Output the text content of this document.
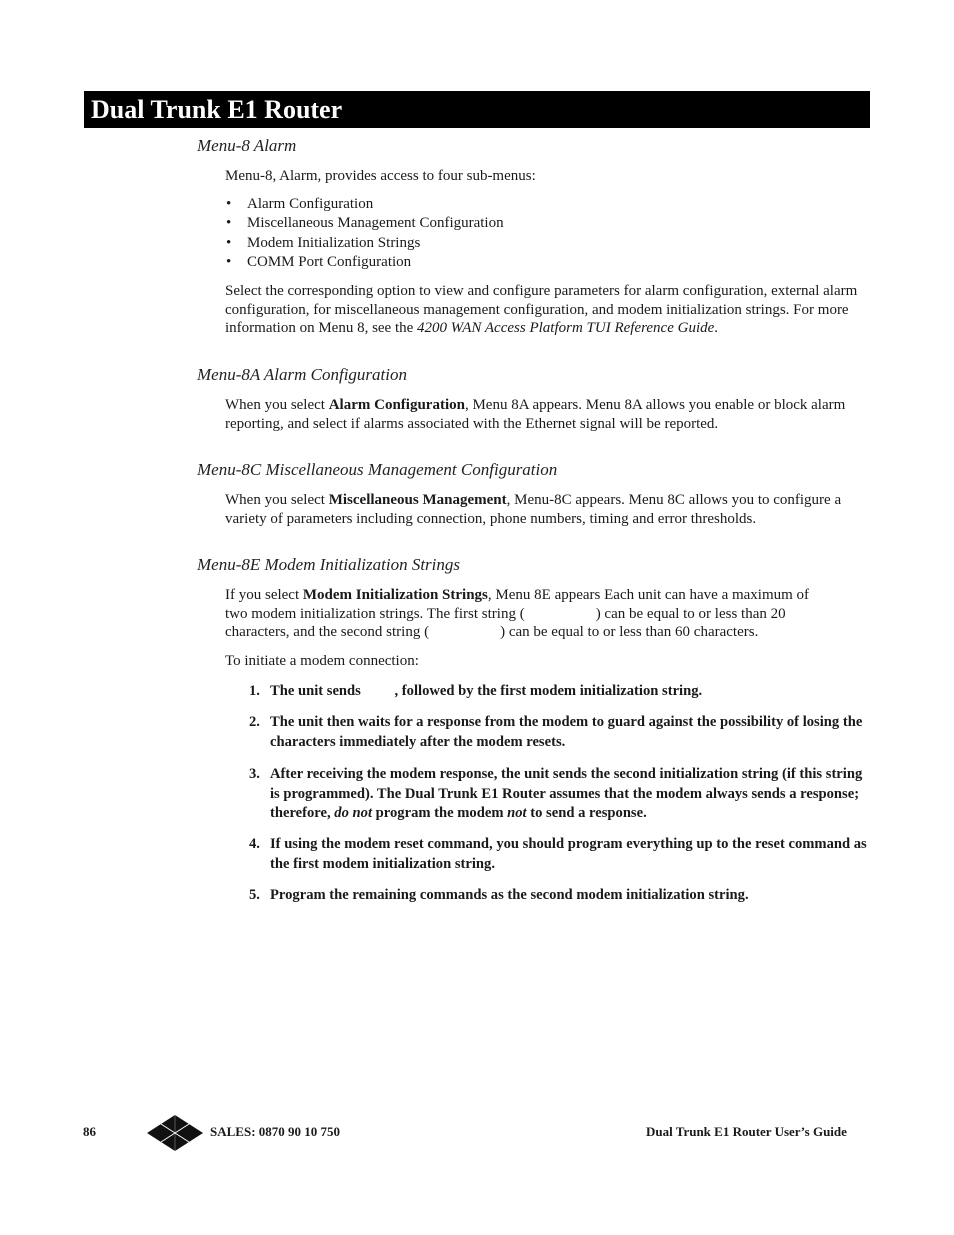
Dual Trunk E1 Router
Menu-8 Alarm
Menu-8, Alarm, provides access to four sub-menus:
• Alarm Configuration
• Miscellaneous Management Configuration
• Modem Initialization Strings
• COMM Port Configuration
Select the corresponding option to view and configure parameters for alarm configuration, external alarm configuration, for miscellaneous management configuration, and modem initialization strings. For more information on Menu 8, see the 4200 WAN Access Platform TUI Reference Guide.
Menu-8A Alarm Configuration
When you select Alarm Configuration, Menu 8A appears. Menu 8A allows you enable or block alarm reporting, and select if alarms associated with the Ethernet signal will be reported.
Menu-8C Miscellaneous Management Configuration
When you select Miscellaneous Management, Menu-8C appears. Menu 8C allows you to configure a variety of parameters including connection, phone numbers, timing and error thresholds.
Menu-8E Modem Initialization Strings
If you select Modem Initialization Strings, Menu 8E appears Each unit can have a maximum of
two modem initialization strings. The first string (	) can be equal to or less than 20
characters, and the second string (	) can be equal to or less than 60 characters.
To initiate a modem connection:
1. The unit sends , followed by the first modem initialization string.
2. The unit then waits for a response from the modem to guard against the possibility of losing the characters immediately after the modem resets.
3. After receiving the modem response, the unit sends the second initialization string (if this string is programmed). The Dual Trunk E1 Router assumes that the modem always sends a response; therefore, do not program the modem not to send a response.
4. If using the modem reset command, you should program everything up to the reset command as the first modem initialization string.
5. Program the remaining commands as the second modem initialization string.
86	SALES: 0870 90 10 750	Dual Trunk E1 Router User’s Guide
